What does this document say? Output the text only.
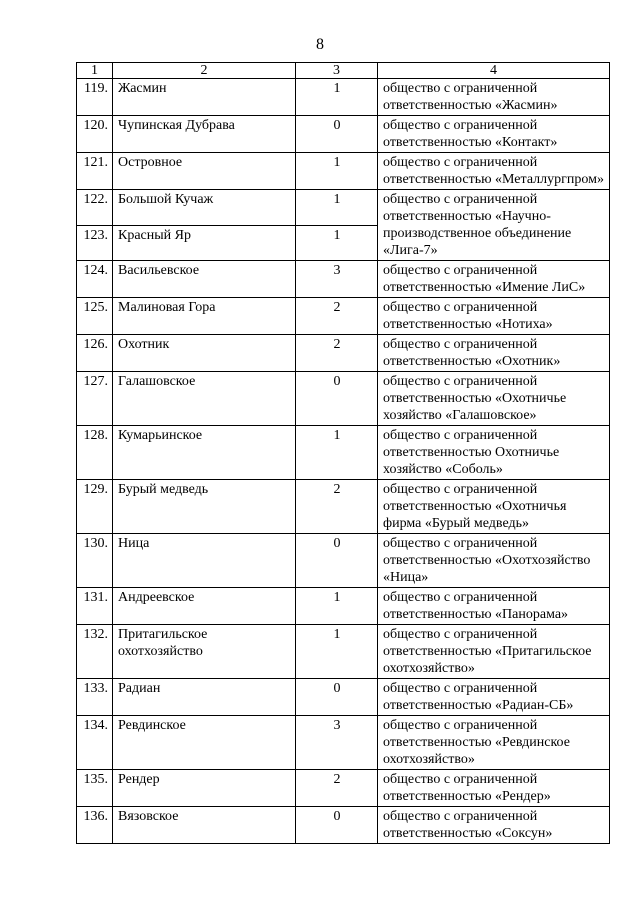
8
1	2	3	4
119.	Жасмин	1	общество с ограниченной ответственностью «Жасмин»
120.	Чупинская Дубрава	0	общество с ограниченной ответственностью «Контакт»
121.	Островное	1	общество с ограниченной ответственностью «Металлургпром»
122.	Большой Кучаж	1	общество с ограниченной ответственностью «Научно-производственное объединение «Лига-7»
123.	Красный Яр	1	
124.	Васильевское	3	общество с ограниченной ответственностью «Имение ЛиС»
125.	Малиновая Гора	2	общество с ограниченной ответственностью «Нотиха»
126.	Охотник	2	общество с ограниченной ответственностью «Охотник»
127.	Галашовское	0	общество с ограниченной ответственностью «Охотничье хозяйство «Галашовское»
128.	Кумарьинское	1	общество с ограниченной ответственностью Охотничье хозяйство «Соболь»
129.	Бурый медведь	2	общество с ограниченной ответственностью «Охотничья фирма «Бурый медведь»
130.	Ница	0	общество с ограниченной ответственностью «Охотхозяйство «Ница»
131.	Андреевское	1	общество с ограниченной ответственностью «Панорама»
132.	Притагильское охотхозяйство	1	общество с ограниченной ответственностью «Притагильское охотхозяйство»
133.	Радиан	0	общество с ограниченной ответственностью «Радиан-СБ»
134.	Ревдинское	3	общество с ограниченной ответственностью «Ревдинское охотхозяйство»
135.	Рендер	2	общество с ограниченной ответственностью «Рендер»
136.	Вязовское	0	общество с ограниченной ответственностью «Соксун»
